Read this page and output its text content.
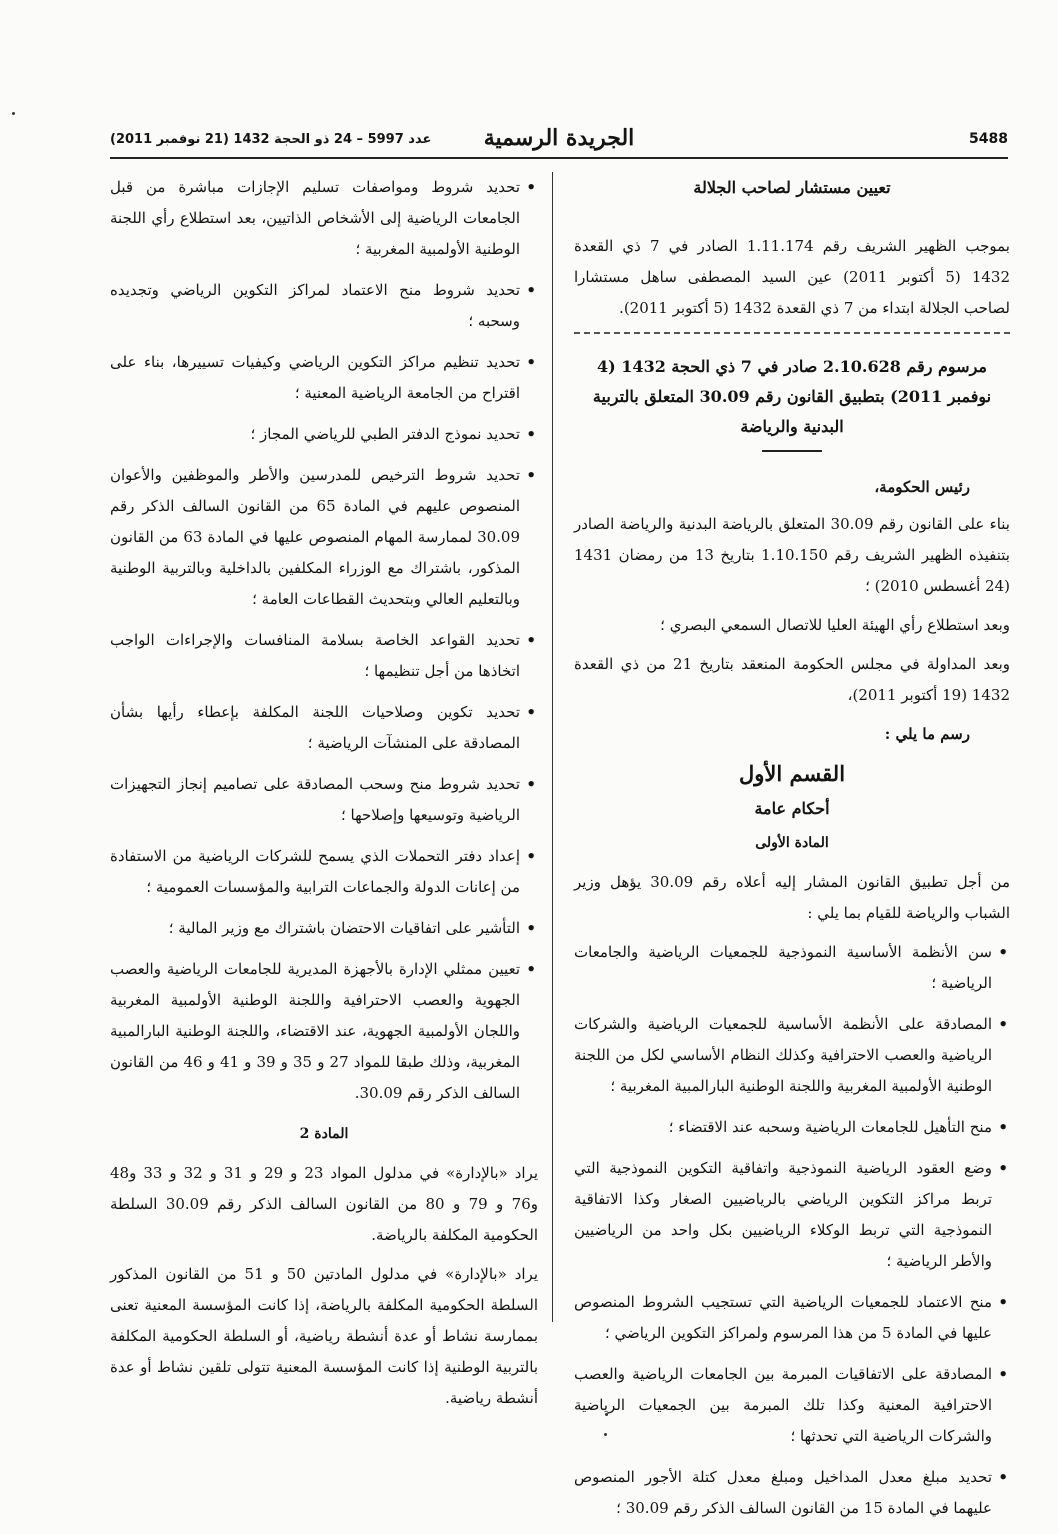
5488
الجريدة الرسمية
عدد 5997 – 24 ذو الحجة 1432 (21 نوفمبر 2011)

تعيين مستشار لصاحب الجلالة

بموجب الظهير الشريف رقم 1.11.174 الصادر في 7 ذي القعدة 1432 (5 أكتوبر 2011) عين السيد المصطفى ساهل مستشارا لصاحب الجلالة ابتداء من 7 ذي القعدة 1432 (5 أكتوبر 2011).

مرسوم رقم 2.10.628 صادر في 7 ذي الحجة 1432 (4 نوفمبر 2011) بتطبيق القانون رقم 30.09 المتعلق بالتربية البدنية والرياضة

رئيس الحكومة،

بناء على القانون رقم 30.09 المتعلق بالرياضة البدنية والرياضة الصادر بتنفيذه الظهير الشريف رقم 1.10.150 بتاريخ 13 من رمضان 1431 (24 أغسطس 2010) ؛

وبعد استطلاع رأي الهيئة العليا للاتصال السمعي البصري ؛

وبعد المداولة في مجلس الحكومة المنعقد بتاريخ 21 من ذي القعدة 1432 (19 أكتوبر 2011)،

رسم ما يلي :

القسم الأول

أحكام عامة

المادة الأولى

من أجل تطبيق القانون المشار إليه أعلاه رقم 30.09 يؤهل وزير الشباب والرياضة للقيام بما يلي :

• سن الأنظمة الأساسية النموذجية للجمعيات الرياضية والجامعات الرياضية ؛
• المصادقة على الأنظمة الأساسية للجمعيات الرياضية والشركات الرياضية والعصب الاحترافية وكذلك النظام الأساسي لكل من اللجنة الوطنية الأولمبية المغربية واللجنة الوطنية البارالمبية المغربية ؛
• منح التأهيل للجامعات الرياضية وسحبه عند الاقتضاء ؛
• وضع العقود الرياضية النموذجية واتفاقية التكوين النموذجية التي تربط مراكز التكوين الرياضي بالرياضيين الصغار وكذا الاتفاقية النموذجية التي تربط الوكلاء الرياضيين بكل واحد من الرياضيين والأطر الرياضية ؛
• منح الاعتماد للجمعيات الرياضية التي تستجيب الشروط المنصوص عليها في المادة 5 من هذا المرسوم ولمراكز التكوين الرياضي ؛
• المصادقة على الاتفاقيات المبرمة بين الجامعات الرياضية والعصب الاحترافية المعنية وكذا تلك المبرمة بين الجمعيات الرياضية والشركات الرياضية التي تحدثها ؛
• تحديد مبلغ معدل المداخيل ومبلغ معدل كتلة الأجور المنصوص عليهما في المادة 15 من القانون السالف الذكر رقم 30.09 ؛
• تحديد شروط ومواصفات تسليم الإجازات مباشرة من قبل الجامعات الرياضية إلى الأشخاص الذاتيين، بعد استطلاع رأي اللجنة الوطنية الأولمبية المغربية ؛
• تحديد شروط منح الاعتماد لمراكز التكوين الرياضي وتجديده وسحبه ؛
• تحديد تنظيم مراكز التكوين الرياضي وكيفيات تسييرها، بناء على اقتراح من الجامعة الرياضية المعنية ؛
• تحديد نموذج الدفتر الطبي للرياضي المجاز ؛
• تحديد شروط الترخيص للمدرسين والأطر والموظفين والأعوان المنصوص عليهم في المادة 65 من القانون السالف الذكر رقم 30.09 لممارسة المهام المنصوص عليها في المادة 63 من القانون المذكور، باشتراك مع الوزراء المكلفين بالداخلية وبالتربية الوطنية وبالتعليم العالي وبتحديث القطاعات العامة ؛
• تحديد القواعد الخاصة بسلامة المنافسات والإجراءات الواجب اتخاذها من أجل تنظيمها ؛
• تحديد تكوين وصلاحيات اللجنة المكلفة بإعطاء رأيها بشأن المصادقة على المنشآت الرياضية ؛
• تحديد شروط منح وسحب المصادقة على تصاميم إنجاز التجهيزات الرياضية وتوسيعها وإصلاحها ؛
• إعداد دفتر التحملات الذي يسمح للشركات الرياضية من الاستفادة من إعانات الدولة والجماعات الترابية والمؤسسات العمومية ؛
• التأشير على اتفاقيات الاحتضان باشتراك مع وزير المالية ؛
• تعيين ممثلي الإدارة بالأجهزة المديرية للجامعات الرياضية والعصب الجهوية والعصب الاحترافية واللجنة الوطنية الأولمبية المغربية واللجان الأولمبية الجهوية، عند الاقتضاء، واللجنة الوطنية البارالمبية المغربية، وذلك طبقا للمواد 27 و 35 و 39 و 41 و 46 من القانون السالف الذكر رقم 30.09.

المادة 2

يراد «بالإدارة» في مدلول المواد 23 و 29 و 31 و 32 و 33 و48 و76 و 79 و 80 من القانون السالف الذكر رقم 30.09 السلطة الحكومية المكلفة بالرياضة.

يراد «بالإدارة» في مدلول المادتين 50 و 51 من القانون المذكور السلطة الحكومية المكلفة بالرياضة، إذا كانت المؤسسة المعنية تعنى بممارسة نشاط أو عدة أنشطة رياضية، أو السلطة الحكومية المكلفة بالتربية الوطنية إذا كانت المؤسسة المعنية تتولى تلقين نشاط أو عدة أنشطة رياضية.
